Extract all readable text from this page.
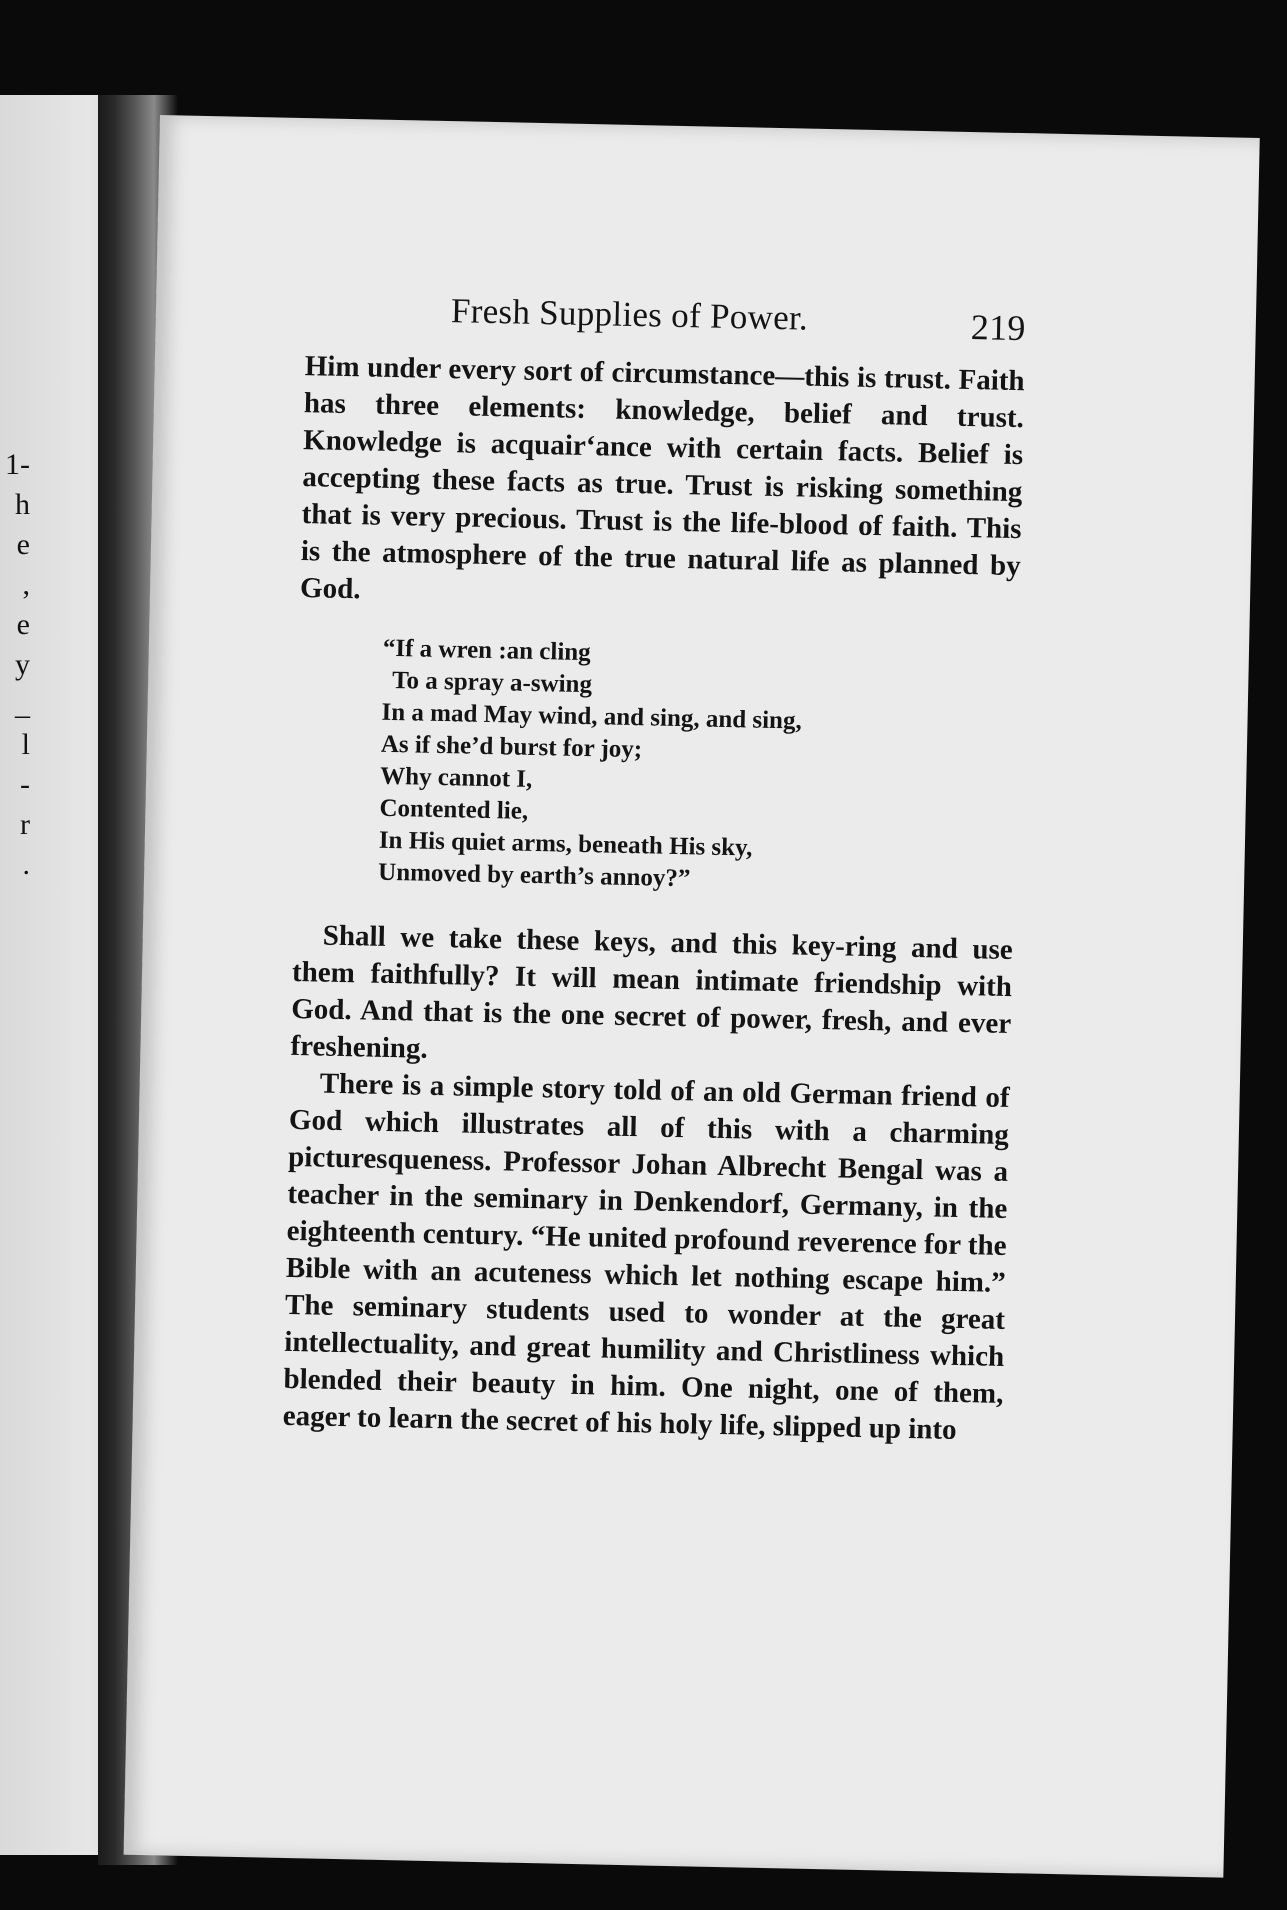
1-
h
e
,
e
y
_
l
-
r
.
Fresh Supplies of Power.	219

Him under every sort of circumstance—this is trust. Faith has three elements: knowledge, belief and trust. Knowledge is acquair‘ance with certain facts. Belief is accepting these facts as true. Trust is risking something that is very precious. Trust is the life-blood of faith. This is the atmosphere of the true natural life as planned by God.

“If a wren :an cling
To a spray a-swing
In a mad May wind, and sing, and sing,
As if she’d burst for joy;
Why cannot I,
Contented lie,
In His quiet arms, beneath His sky,
Unmoved by earth’s annoy?”

Shall we take these keys, and this key-ring and use them faithfully? It will mean intimate friendship with God. And that is the one secret of power, fresh, and ever freshening.

There is a simple story told of an old German friend of God which illustrates all of this with a charming picturesqueness. Professor Johan Albrecht Bengal was a teacher in the seminary in Denkendorf, Germany, in the eighteenth century. “He united profound reverence for the Bible with an acuteness which let nothing escape him.” The seminary students used to wonder at the great intellectuality, and great humility and Christliness which blended their beauty in him. One night, one of them, eager to learn the secret of his holy life, slipped up into
